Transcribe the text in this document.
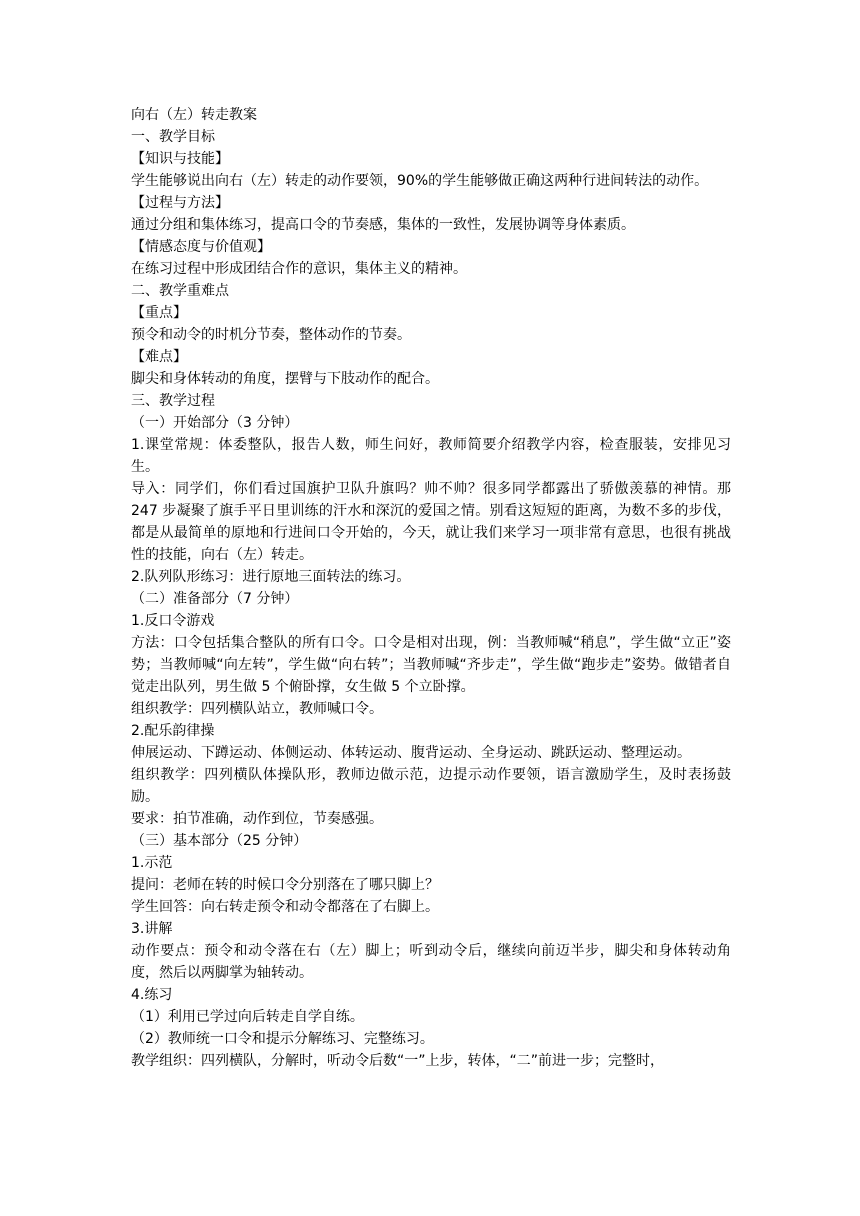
向右（左）转走教案
一、教学目标
【知识与技能】
学生能够说出向右（左）转走的动作要领，90%的学生能够做正确这两种行进间转法的动作。
【过程与方法】
通过分组和集体练习，提高口令的节奏感，集体的一致性，发展协调等身体素质。
【情感态度与价值观】
在练习过程中形成团结合作的意识，集体主义的精神。
二、教学重难点
【重点】
预令和动令的时机分节奏，整体动作的节奏。
【难点】
脚尖和身体转动的角度，摆臂与下肢动作的配合。
三、教学过程
（一）开始部分（3 分钟）
1.课堂常规：体委整队，报告人数，师生问好，教师简要介绍教学内容，检查服装，安排见习生。
导入：同学们，你们看过国旗护卫队升旗吗？帅不帅？很多同学都露出了骄傲羡慕的神情。那 247 步凝聚了旗手平日里训练的汗水和深沉的爱国之情。别看这短短的距离，为数不多的步伐，都是从最简单的原地和行进间口令开始的，今天，就让我们来学习一项非常有意思，也很有挑战性的技能，向右（左）转走。
2.队列队形练习：进行原地三面转法的练习。
（二）准备部分（7 分钟）
1.反口令游戏
方法：口令包括集合整队的所有口令。口令是相对出现，例：当教师喊“稍息”，学生做“立正”姿势；当教师喊“向左转”，学生做“向右转”；当教师喊“齐步走”，学生做“跑步走”姿势。做错者自觉走出队列，男生做 5 个俯卧撑，女生做 5 个立卧撑。
组织教学：四列横队站立，教师喊口令。
2.配乐韵律操
伸展运动、下蹲运动、体侧运动、体转运动、腹背运动、全身运动、跳跃运动、整理运动。
组织教学：四列横队体操队形，教师边做示范，边提示动作要领，语言激励学生，及时表扬鼓励。
要求：拍节准确，动作到位，节奏感强。
（三）基本部分（25 分钟）
1.示范
提问：老师在转的时候口令分别落在了哪只脚上？
学生回答：向右转走预令和动令都落在了右脚上。
3.讲解
动作要点：预令和动令落在右（左）脚上；听到动令后，继续向前迈半步，脚尖和身体转动角度，然后以两脚掌为轴转动。
4.练习
（1）利用已学过向后转走自学自练。
（2）教师统一口令和提示分解练习、完整练习。
教学组织：四列横队，分解时，听动令后数“一”上步，转体，“二”前进一步；完整时，
